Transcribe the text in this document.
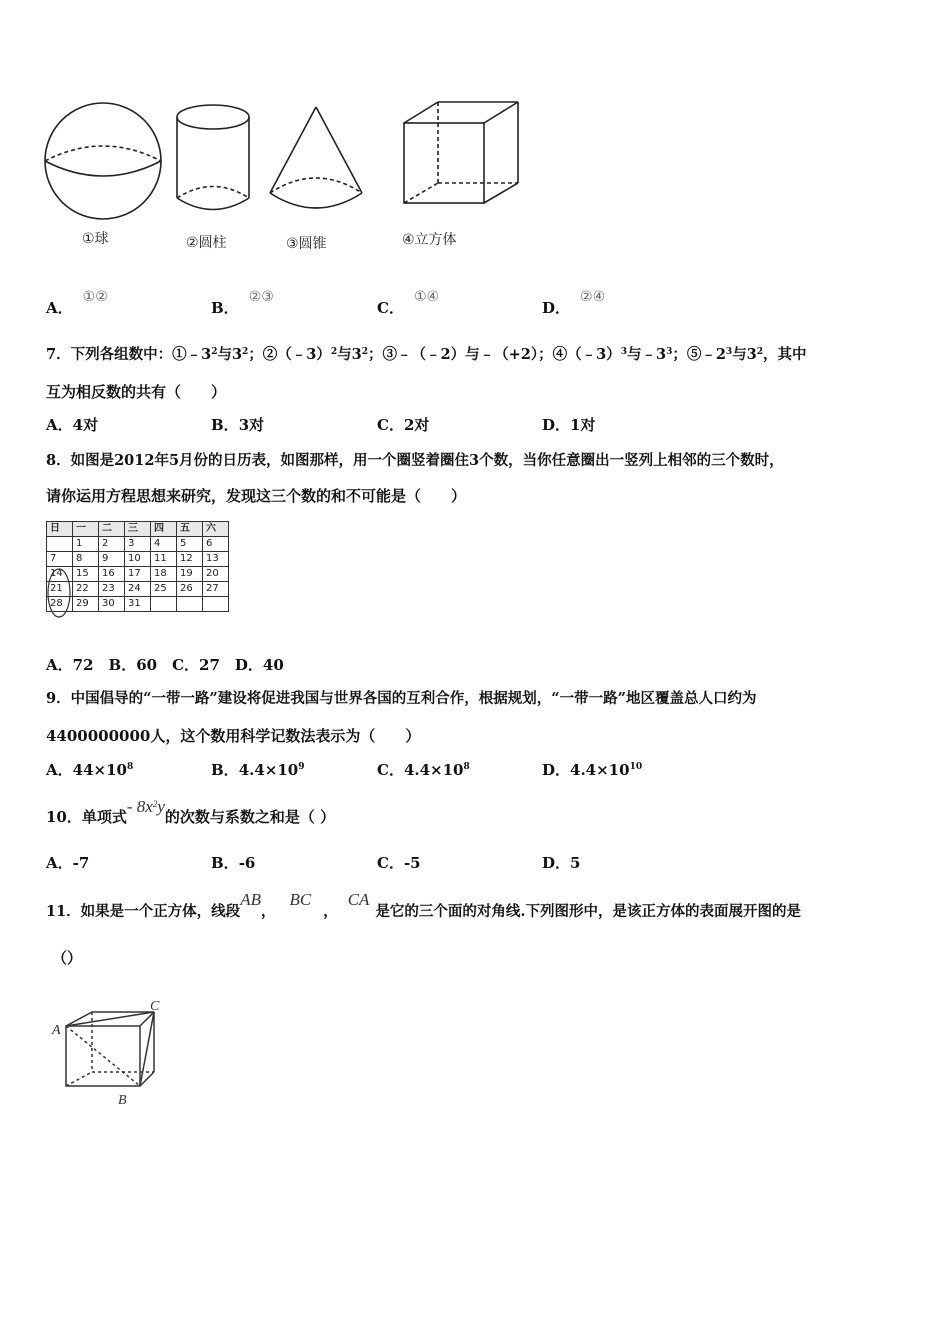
①球	②圆柱	③圆锥	④立方体
A．①②
B．②③
C．①④
D．②④
7．下列各组数中：$①﹣3^2$与$3^2$；②（﹣3）$^2$与$3^2$；③﹣（﹣2）与﹣（+2）；④（﹣3）$^3$与$﹣3^3$；$⑤﹣2^3$与$3^2$，其中
互为相反数的共有（　　）
A．4对	B．3对	C．2对	D．1对
8．如图是2012年5月份的日历表，如图那样，用一个圈竖着圈住3个数，当你任意圈出一竖列上相邻的三个数时，
请你运用方程思想来研究，发现这三个数的和不可能是（　　）
日	一	二	三	四	五	六
	1	2	3	4	5	6
7	8	9	10	11	12	13
14	15	16	17	18	19	20
21	22	23	24	25	26	27
28	29	30	31			
A．72　B．60　C．27　D．40
9．中国倡导的“一带一路”建设将促进我国与世界各国的互利合作，根据规划，“一带一路”地区覆盖总人口约为
4400000000人，这个数用科学记数法表示为（　　）
A．$44\times 10^8$	B．$4.4\times 10^9$	C．$4.4\times 10^8$	D．$4.4\times 10^{10}$
10．单项式- $8x^2y$的次数与系数之和是（ ）
A．-7	B．-6	C．-5	D．5
11．如果是一个正方体，线段AB，BC，CA是它的三个面的对角线.下列图形中，是该正方体的表面展开图的是
（）
A
B
C
